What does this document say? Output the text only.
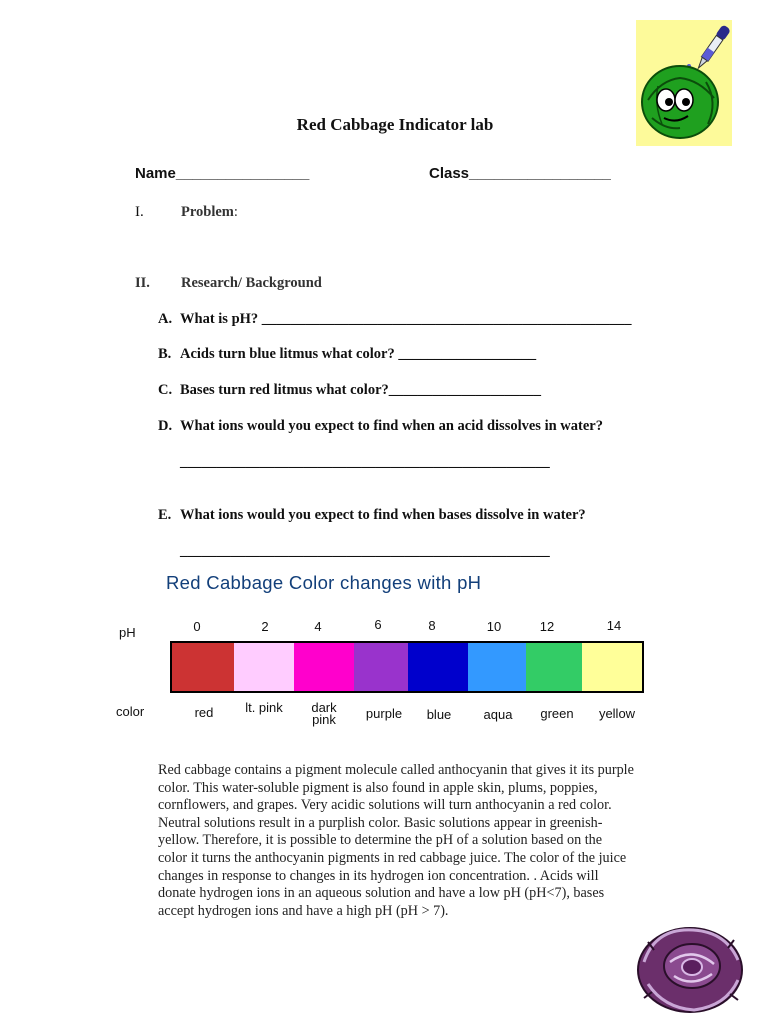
Red Cabbage Indicator lab
Name________________	Class_________________
I.	Problem:
II. Research/ Background
A. What is pH? ___________________________________________________
B. Acids turn blue litmus what color? ___________________
C. Bases turn red litmus what color?_____________________
D. What ions would you expect to find when an acid dissolves in water?
___________________________________________________
E. What ions would you expect to find when bases dissolve in water?
___________________________________________________
Red Cabbage Color changes with pH
pH
color
0	2	4	6	8	10	12	14
red	lt. pink	dark pink	purple	blue	aqua	green	yellow
Red cabbage contains a pigment molecule called anthocyanin that gives it its purple color. This water-soluble pigment is also found in apple skin, plums, poppies, cornflowers, and grapes. Very acidic solutions will turn anthocyanin a red color. Neutral solutions result in a purplish color. Basic solutions appear in greenish-yellow. Therefore, it is possible to determine the pH of a solution based on the color it turns the anthocyanin pigments in red cabbage juice. The color of the juice changes in response to changes in its hydrogen ion concentration. . Acids will donate hydrogen ions in an aqueous solution and have a low pH (pH<7), bases accept hydrogen ions and have a high pH (pH > 7).
